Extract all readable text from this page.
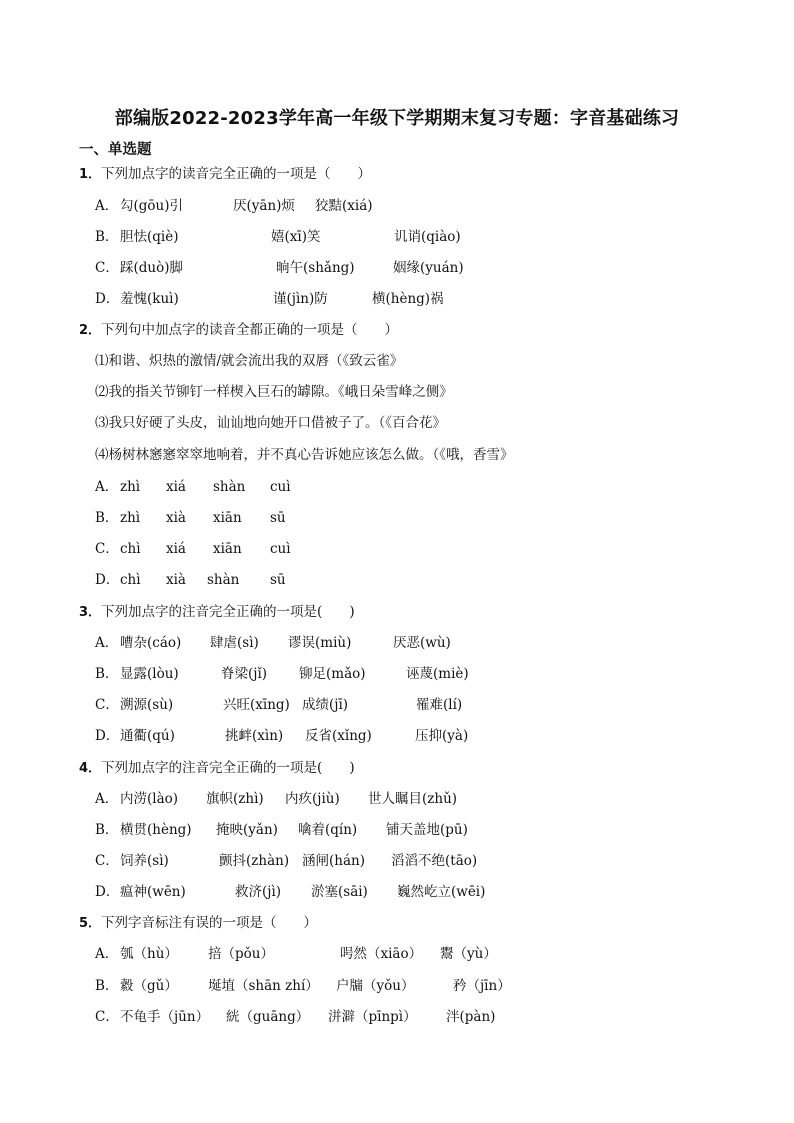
部编版2022-2023学年高一年级下学期期末复习专题：字音基础练习
一、单选题
1．下列加点字的读音完全正确的一项是（　　）
A． 勾(gōu)引	厌(yān)烦 狡黠(xiá)
B． 胆怯(qiè)	嬉(xī)笑	讥诮(qiào)
C． 踩(duò)脚	晌午(shǎng)	姻缘(yuán)
D． 羞愧(kuì)	谨(jìn)防	横(hèng)祸
2．下列句中加点字的读音全都正确的一项是（　　）
⑴和谐、炽热的激情/就会流出我的双唇（《致云雀》
⑵我的指关节铆钉一样楔入巨石的罅隙。《峨日朵雪峰之侧》
⑶我只好硬了头皮，讪讪地向她开口借被子了。（《百合花》
⑷杨树林窸窸窣窣地响着，并不真心告诉她应该怎么做。（《哦，香雪》
A． zhì xiá shàn cuì
B． zhì xià xiān sū
C． chì xiá xiān cuì
D． chì xià shàn sū
3．下列加点字的注音完全正确的一项是(　　)
A． 嘈杂(cáo) 肆虐(sì) 谬误(miù)	厌恶(wù)
B． 显露(lòu)	脊梁(jǐ) 铆足(mǎo)	诬蔑(miè)
C． 溯源(sù)	兴旺(xīng) 成绩(jī)	罹难(lí)
D． 通衢(qú)	挑衅(xìn) 反省(xǐng)	压抑(yà)
4．下列加点字的注音完全正确的一项是(　　)
A． 内涝(lào) 旗帜(zhì) 内疚(jiù) 世人瞩目(zhǔ)
B． 横贯(hèng) 掩映(yǎn) 噙着(qín) 铺天盖地(pū)
C． 饲养(sì)	颤抖(zhàn) 涵闸(hán) 滔滔不绝(tāo)
D． 瘟神(wēn)	救济(jì) 淤塞(sāi) 巍然屹立(wēi)
5．下列字音标注有误的一项是（　　）
A． 瓠（hù） 掊（pǒu）	呺然（xiāo） 鬻（yù）
B． 縠（gǔ） 埏埴（shān zhí） 户牖（yǒu）	矜（jīn）
C． 不龟手（jūn） 絖（guāng） 洴澼（pīnpì） 泮(pàn)
